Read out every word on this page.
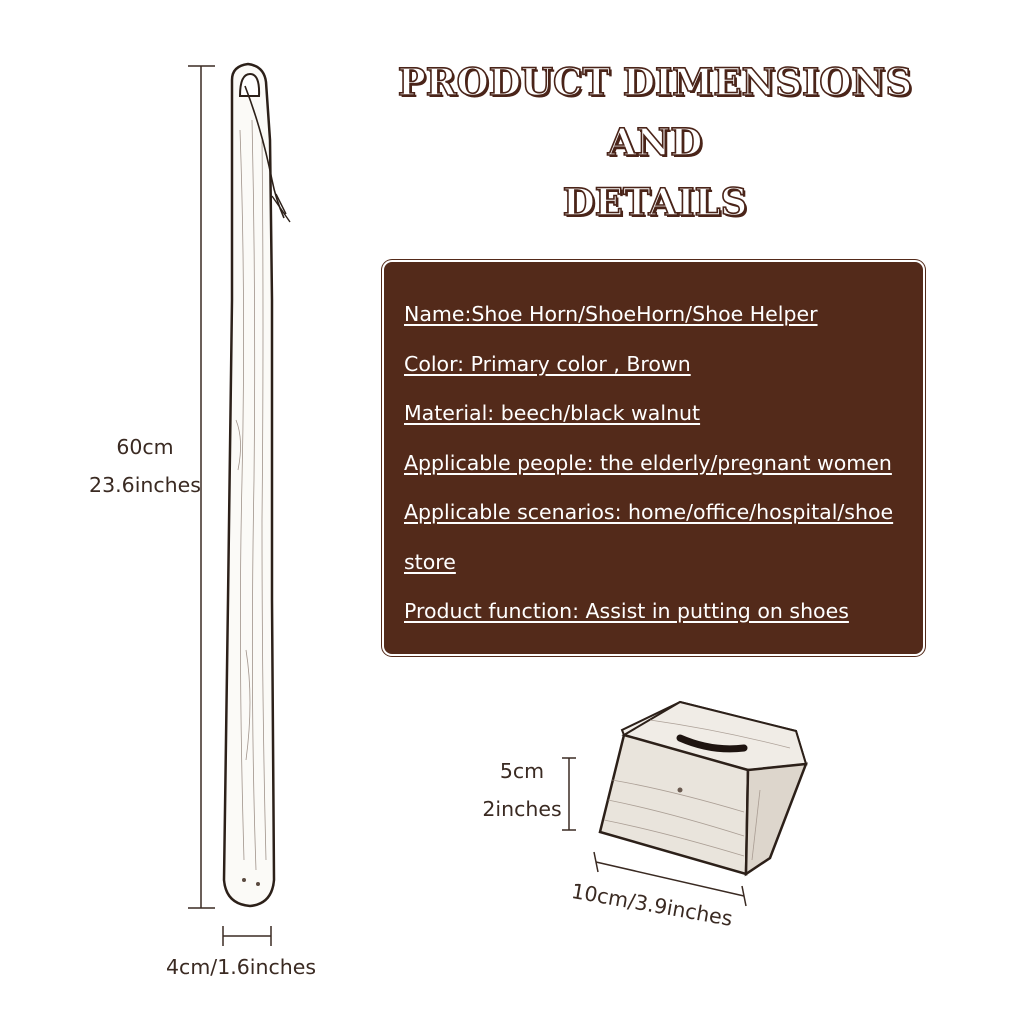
PRODUCT DIMENSIONS AND
DETAILS
Name:Shoe Horn/ShoeHorn/Shoe Helper
Color: Primary color , Brown
Material: beech/black walnut
Applicable people: the elderly/pregnant women
Applicable scenarios: home/office/hospital/shoe
store
Product function: Assist in putting on shoes
60cm
23.6inches
4cm/1.6inches
5cm
2inches
10cm/3.9inches
